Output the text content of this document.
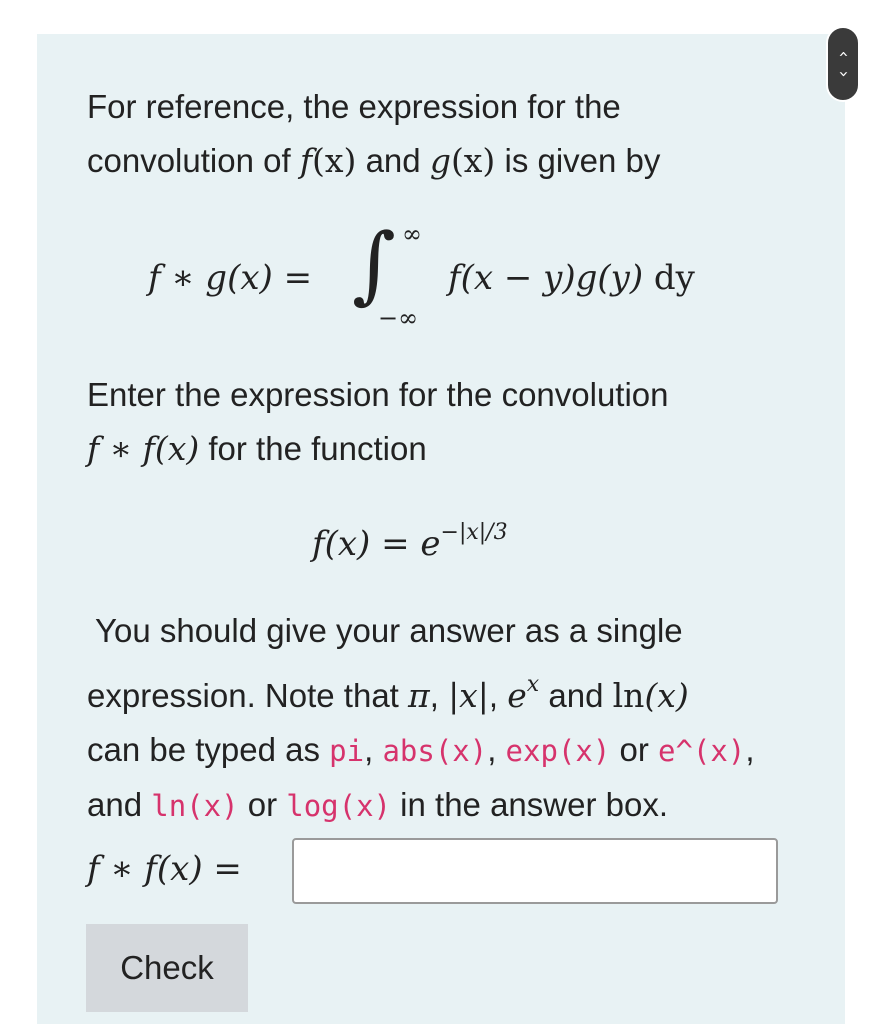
‹
›
For reference, the expression for the
convolution of f(x) and g(x) is given by
f ∗ g(x) = ∫ ∞
−∞
f(x − y)g(y) dy
Enter the expression for the convolution
f ∗ f(x) for the function
$f(x) = e^{-|x|/3}$
You should give your answer as a single
expression. Note that π, |x|, $e^x$ and ln(x)
can be typed as pi, abs(x), exp(x) or e^(x),
and ln(x) or log(x) in the answer box.
f ∗ f(x) =
Check
